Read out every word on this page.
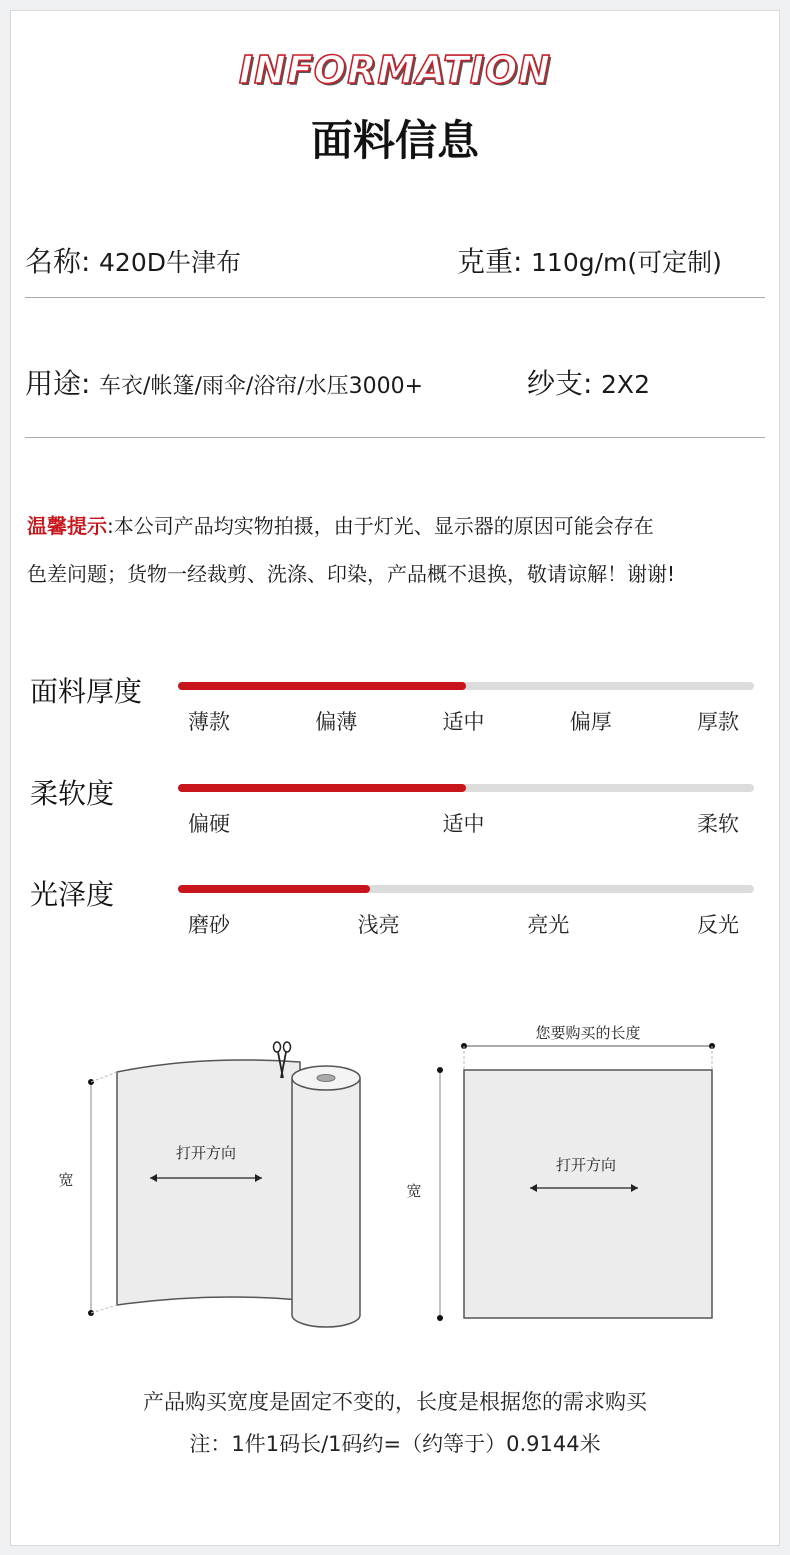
INFORMATION
面料信息
名称: 420D牛津布	克重: 110g/m(可定制)
用途: 车衣/帐篷/雨伞/浴帘/水压3000+	纱支: 2X2
温馨提示:本公司产品均实物拍摄，由于灯光、显示器的原因可能会存在
色差问题；货物一经裁剪、洗涤、印染，产品概不退换，敬请谅解！谢谢!
面料厚度
薄款	偏薄	适中	偏厚	厚款
柔软度
偏硬	适中	柔软
光泽度
磨砂	浅亮	亮光	反光
宽
打开方向
您要购买的长度
宽
打开方向
产品购买宽度是固定不变的，长度是根据您的需求购买
注：1件1码长/1码约=（约等于）0.9144米
